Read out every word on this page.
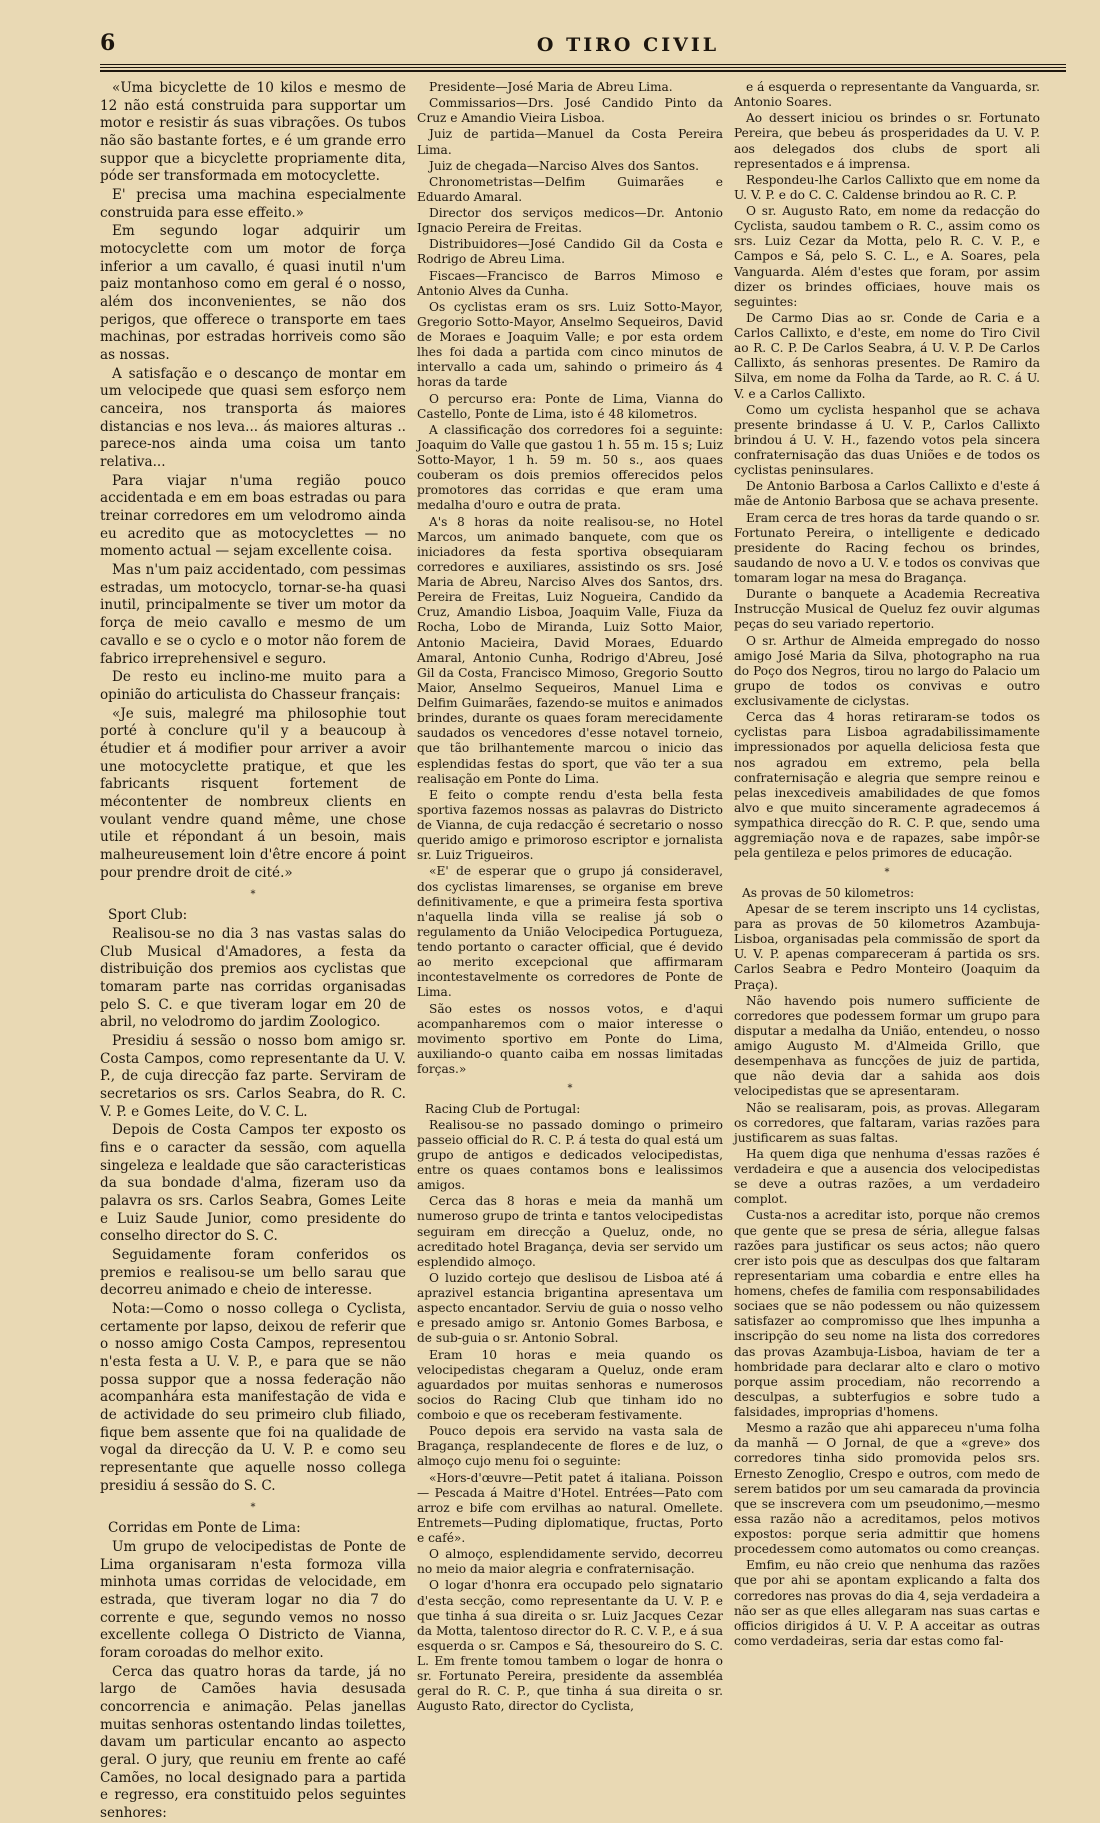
6	O TIRO CIVIL

«Uma bicyclette de 10 kilos e mesmo de 12 não está construida para supportar um motor e resistir ás suas vibrações. Os tubos não são bastante fortes, e é um grande erro suppor que a bicyclette propriamente dita, póde ser transformada em motocyclette.

E' precisa uma machina especialmente construida para esse effeito.»

Em segundo logar adquirir um motocyclette com um motor de força inferior a um cavallo, é quasi inutil n'um paiz montanhoso como em geral é o nosso, além dos inconvenientes, se não dos perigos, que offerece o transporte em taes machinas, por estradas horriveis como são as nossas.

A satisfação e o descanço de montar em um velocipede que quasi sem esforço nem canceira, nos transporta ás maiores distancias e nos leva... ás maiores alturas .. parece-nos ainda uma coisa um tanto relativa...

Para viajar n'uma região pouco accidentada e em em boas estradas ou para treinar corredores em um velodromo ainda eu acredito que as motocyclettes — no momento actual — sejam excellente coisa.

Mas n'um paiz accidentado, com pessimas estradas, um motocyclo, tornar-se-ha quasi inutil, principalmente se tiver um motor da força de meio cavallo e mesmo de um cavallo e se o cyclo e o motor não forem de fabrico irreprehensivel e seguro.

De resto eu inclino-me muito para a opinião do articulista do Chasseur français:

«Je suis, malegré ma philosophie tout porté à conclure qu'il y a beaucoup à étudier et á modifier pour arriver a avoir une motocyclette pratique, et que les fabricants risquent fortement de mécontenter de nombreux clients en voulant vendre quand même, une chose utile et répondant á un besoin, mais malheureusement loin d'être encore á point pour prendre droit de cité.»

*

Sport Club:

Realisou-se no dia 3 nas vastas salas do Club Musical d'Amadores, a festa da distribuição dos premios aos cyclistas que tomaram parte nas corridas organisadas pelo S. C. e que tiveram logar em 20 de abril, no velodromo do jardim Zoologico.

Presidiu á sessão o nosso bom amigo sr. Costa Campos, como representante da U. V. P., de cuja direcção faz parte. Serviram de secretarios os srs. Carlos Seabra, do R. C. V. P. e Gomes Leite, do V. C. L.

Depois de Costa Campos ter exposto os fins e o caracter da sessão, com aquella singeleza e lealdade que são caracteristicas da sua bondade d'alma, fizeram uso da palavra os srs. Carlos Seabra, Gomes Leite e Luiz Saude Junior, como presidente do conselho director do S. C.

Seguidamente foram conferidos os premios e realisou-se um bello sarau que decorreu animado e cheio de interesse.

Nota:—Como o nosso collega o Cyclista, certamente por lapso, deixou de referir que o nosso amigo Costa Campos, representou n'esta festa a U. V. P., e para que se não possa suppor que a nossa federação não acompanhára esta manifestação de vida e de actividade do seu primeiro club filiado, fique bem assente que foi na qualidade de vogal da direcção da U. V. P. e como seu representante que aquelle nosso collega presidiu á sessão do S. C.

*

Corridas em Ponte de Lima:

Um grupo de velocipedistas de Ponte de Lima organisaram n'esta formoza villa minhota umas corridas de velocidade, em estrada, que tiveram logar no dia 7 do corrente e que, segundo vemos no nosso excellente collega O Districto de Vianna, foram coroadas do melhor exito.

Cerca das quatro horas da tarde, já no largo de Camões havia desusada concorrencia e animação. Pelas janellas muitas senhoras ostentando lindas toilettes, davam um particular encanto ao aspecto geral. O jury, que reuniu em frente ao café Camões, no local designado para a partida e regresso, era constituido pelos seguintes senhores:

Presidente—José Maria de Abreu Lima.

Commissarios—Drs. José Candido Pinto da Cruz e Amandio Vieira Lisboa.

Juiz de partida—Manuel da Costa Pereira Lima.

Juiz de chegada—Narciso Alves dos Santos.

Chronometristas—Delfim Guimarães e Eduardo Amaral.

Director dos serviços medicos—Dr. Antonio Ignacio Pereira de Freitas.

Distribuidores—José Candido Gil da Costa e Rodrigo de Abreu Lima.

Fiscaes—Francisco de Barros Mimoso e Antonio Alves da Cunha.

Os cyclistas eram os srs. Luiz Sotto-Mayor, Gregorio Sotto-Mayor, Anselmo Sequeiros, David de Moraes e Joaquim Valle; e por esta ordem lhes foi dada a partida com cinco minutos de intervallo a cada um, sahindo o primeiro ás 4 horas da tarde

O percurso era: Ponte de Lima, Vianna do Castello, Ponte de Lima, isto é 48 kilometros.

A classificação dos corredores foi a seguinte: Joaquim do Valle que gastou 1 h. 55 m. 15 s; Luiz Sotto-Mayor, 1 h. 59 m. 50 s., aos quaes couberam os dois premios offerecidos pelos promotores das corridas e que eram uma medalha d'ouro e outra de prata.

A's 8 horas da noite realisou-se, no Hotel Marcos, um animado banquete, com que os iniciadores da festa sportiva obsequiaram corredores e auxiliares, assistindo os srs. José Maria de Abreu, Narciso Alves dos Santos, drs. Pereira de Freitas, Luiz Nogueira, Candido da Cruz, Amandio Lisboa, Joaquim Valle, Fiuza da Rocha, Lobo de Miranda, Luiz Sotto Maior, Antonio Macieira, David Moraes, Eduardo Amaral, Antonio Cunha, Rodrigo d'Abreu, José Gil da Costa, Francisco Mimoso, Gregorio Soutto Maior, Anselmo Sequeiros, Manuel Lima e Delfim Guimarães, fazendo-se muitos e animados brindes, durante os quaes foram merecidamente saudados os vencedores d'esse notavel torneio, que tão brilhantemente marcou o inicio das esplendidas festas do sport, que vão ter a sua realisação em Ponte do Lima.

E feito o compte rendu d'esta bella festa sportiva fazemos nossas as palavras do Districto de Vianna, de cuja redacção é secretario o nosso querido amigo e primoroso escriptor e jornalista sr. Luiz Trigueiros.

«E' de esperar que o grupo já consideravel, dos cyclistas limarenses, se organise em breve definitivamente, e que a primeira festa sportiva n'aquella linda villa se realise já sob o regulamento da União Velocipedica Portugueza, tendo portanto o caracter official, que é devido ao merito excepcional que affirmaram incontestavelmente os corredores de Ponte de Lima.

São estes os nossos votos, e d'aqui acompanharemos com o maior interesse o movimento sportivo em Ponte do Lima, auxiliando-o quanto caiba em nossas limitadas forças.»

*

Racing Club de Portugal:

Realisou-se no passado domingo o primeiro passeio official do R. C. P. á testa do qual está um grupo de antigos e dedicados velocipedistas, entre os quaes contamos bons e lealissimos amigos.

Cerca das 8 horas e meia da manhã um numeroso grupo de trinta e tantos velocipedistas seguiram em direcção a Queluz, onde, no acreditado hotel Bragança, devia ser servido um esplendido almoço.

O luzido cortejo que deslisou de Lisboa até á aprazivel estancia brigantina apresentava um aspecto encantador. Serviu de guia o nosso velho e presado amigo sr. Antonio Gomes Barbosa, e de sub-guia o sr. Antonio Sobral.

Eram 10 horas e meia quando os velocipedistas chegaram a Queluz, onde eram aguardados por muitas senhoras e numerosos socios do Racing Club que tinham ido no comboio e que os receberam festivamente.

Pouco depois era servido na vasta sala de Bragança, resplandecente de flores e de luz, o almoço cujo menu foi o seguinte:

«Hors-d'œuvre—Petit patet á italiana. Poisson — Pescada á Maitre d'Hotel. Entrées—Pato com arroz e bife com ervilhas ao natural. Omellete. Entremets—Puding diplomatique, fructas, Porto e café».

O almoço, esplendidamente servido, decorreu no meio da maior alegria e confraternisação.

O logar d'honra era occupado pelo signatario d'esta secção, como representante da U. V. P. e que tinha á sua direita o sr. Luiz Jacques Cezar da Motta, talentoso director do R. C. V. P., e á sua esquerda o sr. Campos e Sá, thesoureiro do S. C. L. Em frente tomou tambem o logar de honra o sr. Fortunato Pereira, presidente da assembléa geral do R. C. P., que tinha á sua direita o sr. Augusto Rato, director do Cyclista,

e á esquerda o representante da Vanguarda, sr. Antonio Soares.

Ao dessert iniciou os brindes o sr. Fortunato Pereira, que bebeu ás prosperidades da U. V. P. aos delegados dos clubs de sport ali representados e á imprensa.

Respondeu-lhe Carlos Callixto que em nome da U. V. P. e do C. C. Caldense brindou ao R. C. P.

O sr. Augusto Rato, em nome da redacção do Cyclista, saudou tambem o R. C., assim como os srs. Luiz Cezar da Motta, pelo R. C. V. P., e Campos e Sá, pelo S. C. L., e A. Soares, pela Vanguarda. Além d'estes que foram, por assim dizer os brindes officiaes, houve mais os seguintes:

De Carmo Dias ao sr. Conde de Caria e a Carlos Callixto, e d'este, em nome do Tiro Civil ao R. C. P. De Carlos Seabra, á U. V. P. De Carlos Callixto, ás senhoras presentes. De Ramiro da Silva, em nome da Folha da Tarde, ao R. C. á U. V. e a Carlos Callixto.

Como um cyclista hespanhol que se achava presente brindasse á U. V. P., Carlos Callixto brindou á U. V. H., fazendo votos pela sincera confraternisação das duas Uniões e de todos os cyclistas peninsulares.

De Antonio Barbosa a Carlos Callixto e d'este á mãe de Antonio Barbosa que se achava presente.

Eram cerca de tres horas da tarde quando o sr. Fortunato Pereira, o intelligente e dedicado presidente do Racing fechou os brindes, saudando de novo a U. V. e todos os convivas que tomaram logar na mesa do Bragança.

Durante o banquete a Academia Recreativa Instrucção Musical de Queluz fez ouvir algumas peças do seu variado repertorio.

O sr. Arthur de Almeida empregado do nosso amigo José Maria da Silva, photographo na rua do Poço dos Negros, tirou no largo do Palacio um grupo de todos os convivas e outro exclusivamente de ciclystas.

Cerca das 4 horas retiraram-se todos os cyclistas para Lisboa agradabilissimamente impressionados por aquella deliciosa festa que nos agradou em extremo, pela bella confraternisação e alegria que sempre reinou e pelas inexcediveis amabilidades de que fomos alvo e que muito sinceramente agradecemos á sympathica direcção do R. C. P. que, sendo uma aggremiação nova e de rapazes, sabe impôr-se pela gentileza e pelos primores de educação.

*

As provas de 50 kilometros:

Apesar de se terem inscripto uns 14 cyclistas, para as provas de 50 kilometros Azambuja-Lisboa, organisadas pela commissão de sport da U. V. P. apenas compareceram á partida os srs. Carlos Seabra e Pedro Monteiro (Joaquim da Praça).

Não havendo pois numero sufficiente de corredores que podessem formar um grupo para disputar a medalha da União, entendeu, o nosso amigo Augusto M. d'Almeida Grillo, que desempenhava as funcções de juiz de partida, que não devia dar a sahida aos dois velocipedistas que se apresentaram.

Não se realisaram, pois, as provas. Allegaram os corredores, que faltaram, varias razões para justificarem as suas faltas.

Ha quem diga que nenhuma d'essas razões é verdadeira e que a ausencia dos velocipedistas se deve a outras razões, a um verdadeiro complot.

Custa-nos a acreditar isto, porque não cremos que gente que se presa de séria, allegue falsas razões para justificar os seus actos; não quero crer isto pois que as desculpas dos que faltaram representariam uma cobardia e entre elles ha homens, chefes de familia com responsabilidades sociaes que se não podessem ou não quizessem satisfazer ao compromisso que lhes impunha a inscripção do seu nome na lista dos corredores das provas Azambuja-Lisboa, haviam de ter a hombridade para declarar alto e claro o motivo porque assim procediam, não recorrendo a desculpas, a subterfugios e sobre tudo a falsidades, improprias d'homens.

Mesmo a razão que ahi appareceu n'uma folha da manhã — O Jornal, de que a «greve» dos corredores tinha sido promovida pelos srs. Ernesto Zenoglio, Crespo e outros, com medo de serem batidos por um seu camarada da provincia que se inscrevera com um pseudonimo,—mesmo essa razão não a acreditamos, pelos motivos expostos: porque seria admittir que homens procedessem como automatos ou como creanças.

Emfim, eu não creio que nenhuma das razões que por ahi se apontam explicando a falta dos corredores nas provas do dia 4, seja verdadeira a não ser as que elles allegaram nas suas cartas e officios dirigidos á U. V. P. A acceitar as outras como verdadeiras, seria dar estas como fal-
